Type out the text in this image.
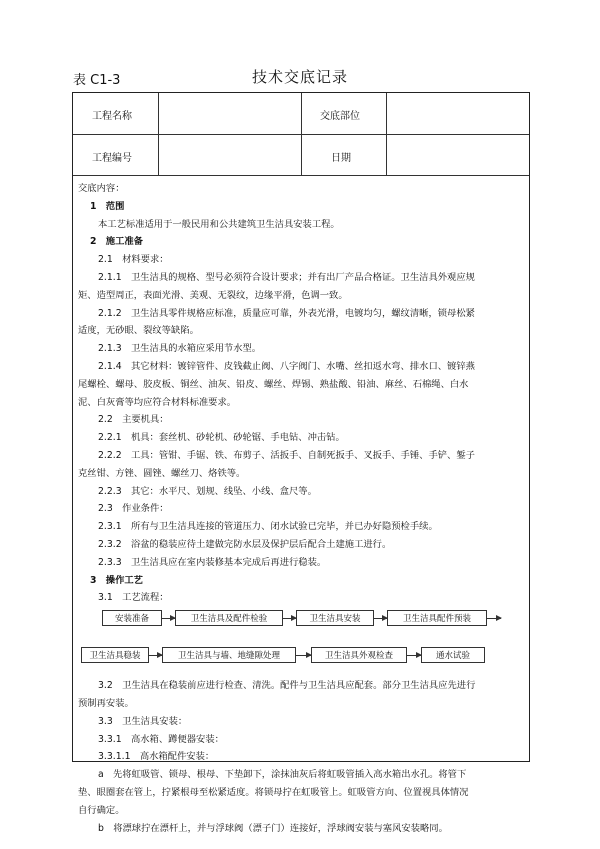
表 C1-3	技术交底记录
工程名称	交底部位
工程编号	日期

交底内容：

1　范围

本工艺标准适用于一般民用和公共建筑卫生洁具安装工程。

2　施工准备

2.1　材料要求：

2.1.1　卫生洁具的规格、型号必须符合设计要求；并有出厂产品合格证。卫生洁具外观应规

矩、造型周正，表面光滑、美观、无裂纹，边缘平滑，色调一致。

2.1.2　卫生洁具零件规格应标准，质量应可靠，外表光滑，电镀均匀，螺纹清晰，锁母松紧

适度，无砂眼、裂纹等缺陷。

2.1.3　卫生洁具的水箱应采用节水型。

2.1.4　其它材料：镀锌管件、皮钱截止阀、八字阀门、水嘴、丝扣返水弯、排水口、镀锌燕

尾螺栓、螺母、胶皮板、铜丝、油灰、铅皮、螺丝、焊锡、熟盐酸、铅油、麻丝、石棉绳、白水

泥、白灰膏等均应符合材料标准要求。

2.2　主要机具：

2.2.1　机具：套丝机、砂轮机、砂轮锯、手电钻、冲击钻。

2.2.2　工具：管钳、手锯、铁、布剪子、活扳手、自制死扳手、叉扳手、手锤、手铲、錾子

克丝钳、方锉、圆锉、螺丝刀、烙铁等。

2.2.3　其它：水平尺、划规、线坠、小线、盒尺等。

2.3　作业条件：

2.3.1　所有与卫生洁具连接的管道压力、闭水试验已完毕，并已办好隐预检手续。

2.3.2　浴盆的稳装应待土建做完防水层及保护层后配合土建施工进行。

2.3.3　卫生洁具应在室内装修基本完成后再进行稳装。

3　操作工艺

3.1　工艺流程：

安装准备	卫生洁具及配件检验	卫生洁具安装	卫生洁具配件预装
卫生洁具稳装	卫生洁具与墙、地缝隙处理	卫生洁具外观检查	通水试验

3.2　卫生洁具在稳装前应进行检查、清洗。配件与卫生洁具应配套。部分卫生洁具应先进行

预制再安装。

3.3　卫生洁具安装：

3.3.1　高水箱、蹲便器安装：

3.3.1.1　高水箱配件安装：

a　先将虹吸管、锁母、根母、下垫卸下，涂抹油灰后将虹吸管插入高水箱出水孔。将管下

垫、眼圈套在管上，拧紧根母至松紧适度。将锁母拧在虹吸管上。虹吸管方向、位置视具体情况

自行确定。

b　将漂球拧在漂杆上，并与浮球阀（漂子门）连接好，浮球阀安装与塞风安装略同。
